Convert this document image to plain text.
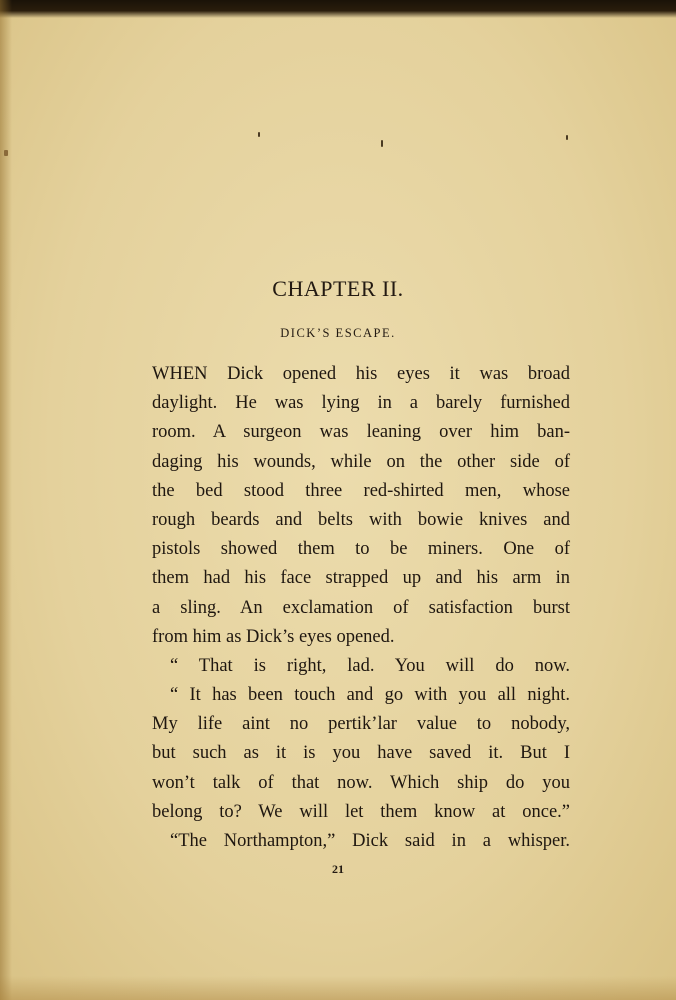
CHAPTER II.
DICK’S ESCAPE.
WHEN Dick opened his eyes it was broad
daylight. He was lying in a barely furnished
room. A surgeon was leaning over him ban-
daging his wounds, while on the other side of
the bed stood three red-shirted men, whose
rough beards and belts with bowie knives and
pistols showed them to be miners. One of
them had his face strapped up and his arm in
a sling. An exclamation of satisfaction burst
from him as Dick’s eyes opened.
“ That is right, lad. You will do now.
“ It has been touch and go with you all night.
My life aint no pertik’lar value to nobody,
but such as it is you have saved it. But I
won’t talk of that now. Which ship do you
belong to? We will let them know at once.”
“The Northampton,” Dick said in a whisper.
21
